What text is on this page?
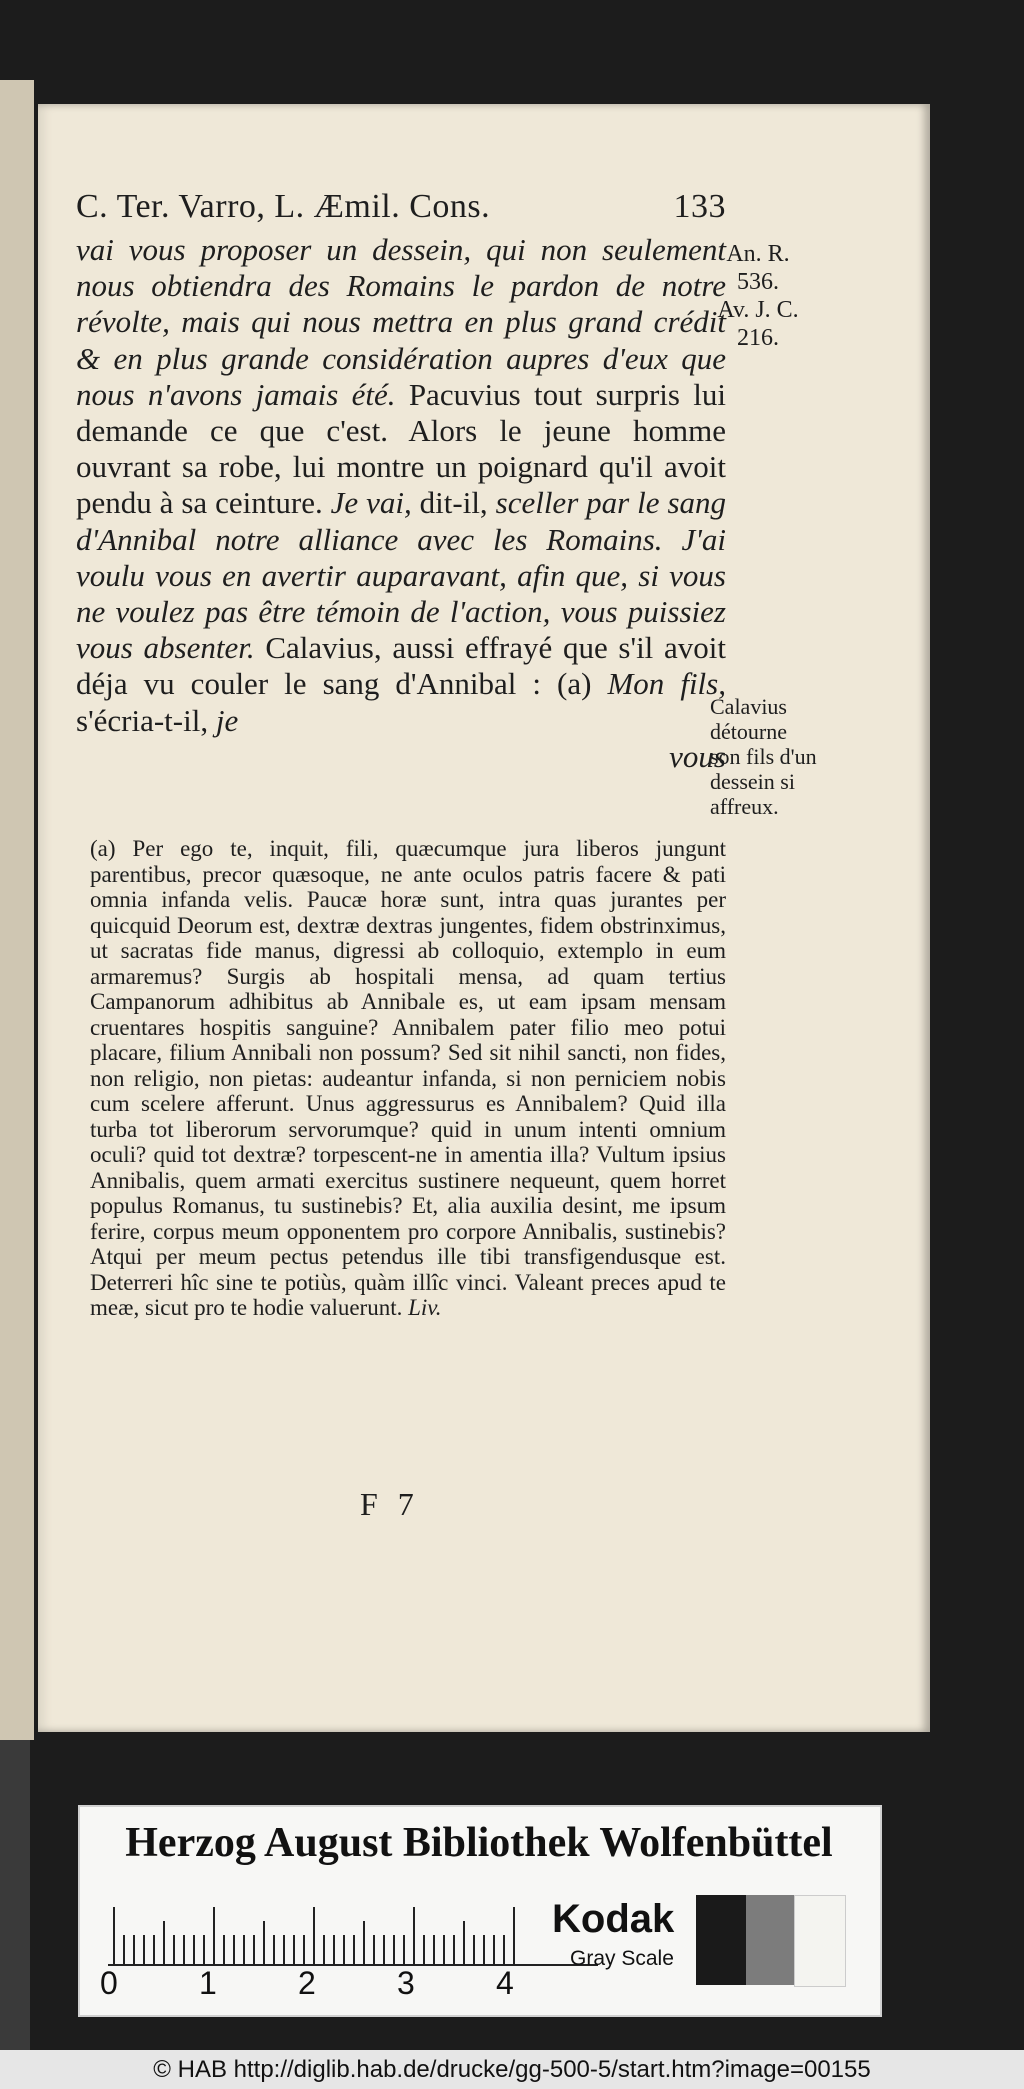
C. Ter. Varro, L. Æmil. Cons.	133
An. R.
536.
Av. J. C.
216.

vai vous proposer un dessein, qui non seulement nous obtiendra des Romains le pardon de notre révolte, mais qui nous mettra en plus grand crédit & en plus grande considération aupres d'eux que nous n'avons jamais été. Pacuvius tout surpris lui demande ce que c'est. Alors le jeune homme ouvrant sa robe, lui montre un poignard qu'il avoit pendu à sa ceinture. Je vai, dit-il, sceller par le sang d'Annibal notre alliance avec les Romains. J'ai voulu vous en avertir auparavant, afin que, si vous ne voulez pas être témoin de l'action, vous puissiez vous absenter. Calavius, aussi effrayé que s'il avoit déja vu couler le sang d'Annibal : (a) Mon fils, s'écria-t-il, je

vous

Calavius détourne son fils d'un dessein si affreux.
(a) Per ego te, inquit, fili, quæcumque jura liberos jungunt parentibus, precor quæsoque, ne ante oculos patris facere & pati omnia infanda velis. Paucæ horæ sunt, intra quas jurantes per quicquid Deorum est, dextræ dextras jungentes, fidem obstrinximus, ut sacratas fide manus, digressi ab colloquio, extemplo in eum armaremus? Surgis ab hospitali mensa, ad quam tertius Campanorum adhibitus ab Annibale es, ut eam ipsam mensam cruentares hospitis sanguine? Annibalem pater filio meo potui placare, filium Annibali non possum? Sed sit nihil sancti, non fides, non religio, non pietas: audeantur infanda, si non perniciem nobis cum scelere afferunt. Unus aggressurus es Annibalem? Quid illa turba tot liberorum servorumque? quid in unum intenti omnium oculi? quid tot dextræ? torpescent-ne in amentia illa? Vultum ipsius Annibalis, quem armati exercitus sustinere nequeunt, quem horret populus Romanus, tu sustinebis? Et, alia auxilia desint, me ipsum ferire, corpus meum opponentem pro corpore Annibalis, sustinebis? Atqui per meum pectus petendus ille tibi transfigendusque est. Deterreri hîc sine te potiùs, quàm illîc vinci. Valeant preces apud te meæ, sicut pro te hodie valuerunt. Liv.
F 7
Herzog August Bibliothek Wolfenbüttel
0	1	2	3	4
Kodak
Gray Scale
© HAB http://diglib.hab.de/drucke/gg-500-5/start.htm?image=00155
